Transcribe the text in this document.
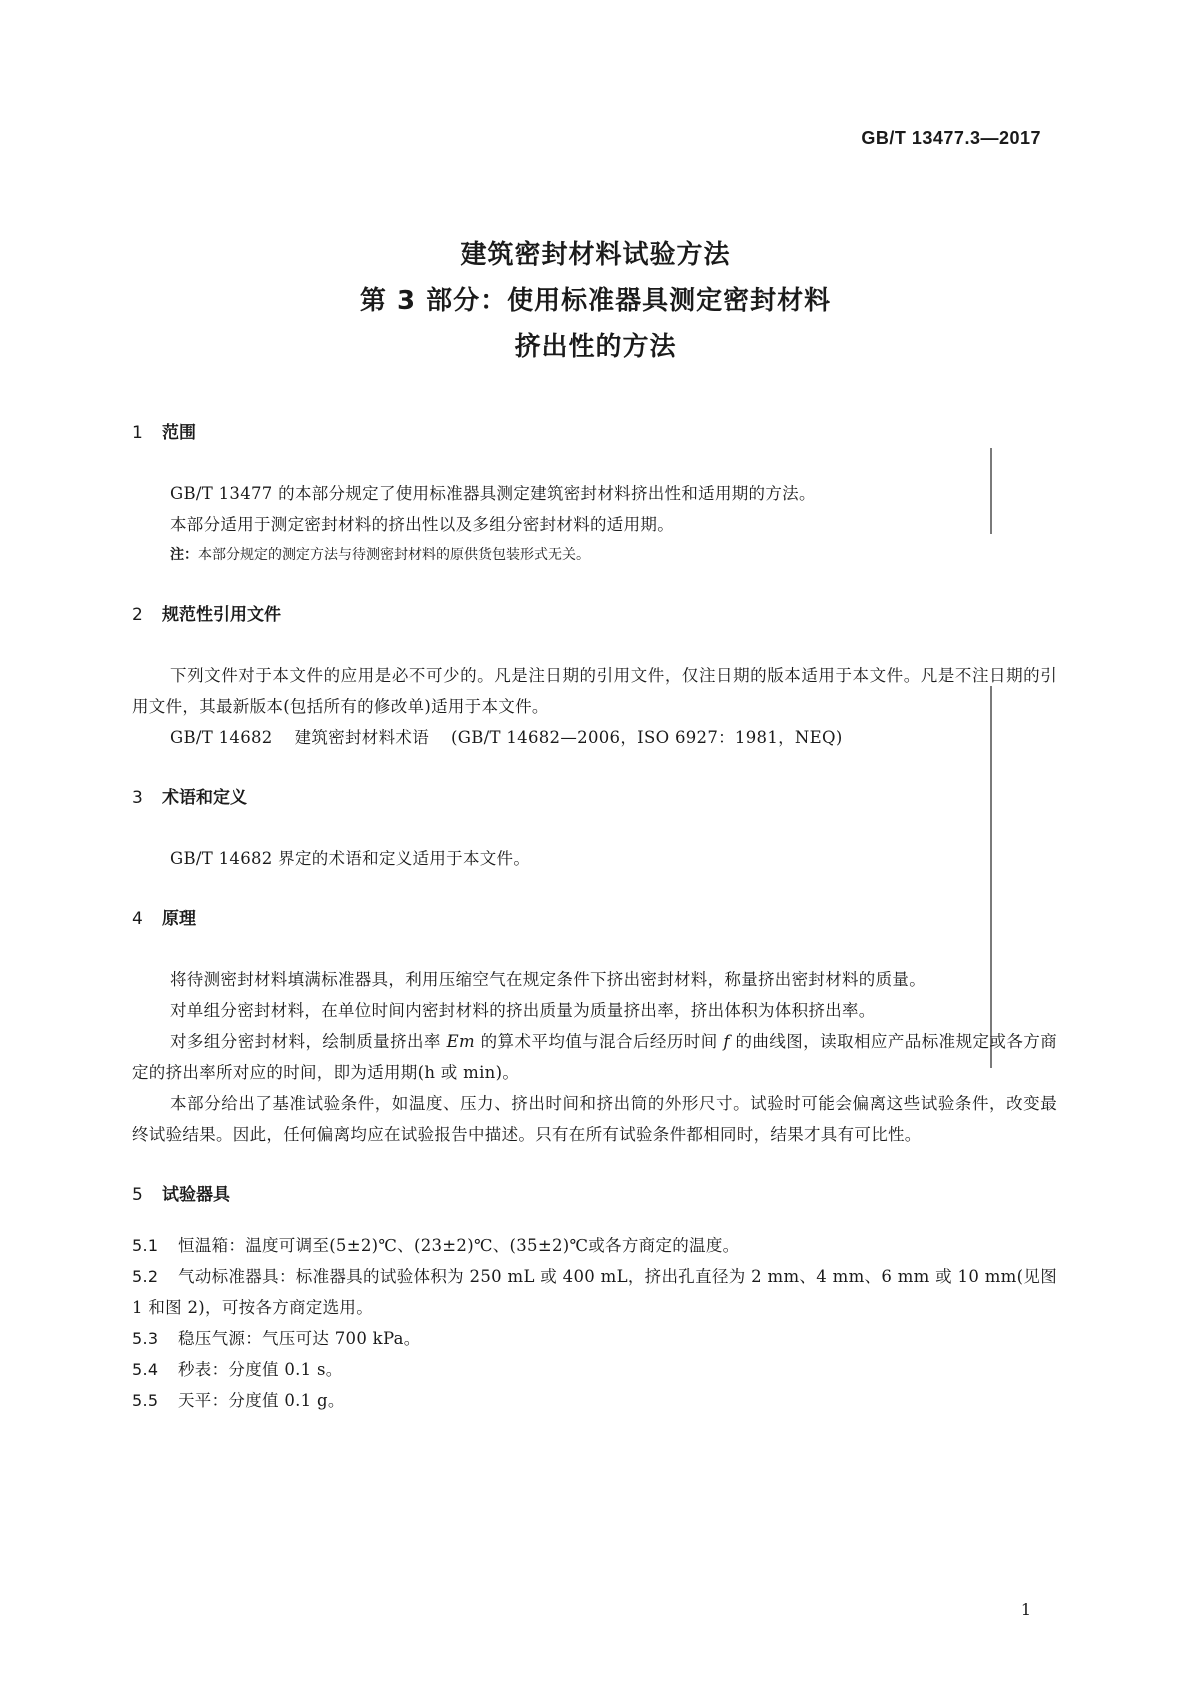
GB/T 13477.3—2017

建筑密封材料试验方法
第 3 部分：使用标准器具测定密封材料
挤出性的方法
1 范围

GB/T 13477 的本部分规定了使用标准器具测定建筑密封材料挤出性和适用期的方法。

本部分适用于测定密封材料的挤出性以及多组分密封材料的适用期。

注：本部分规定的测定方法与待测密封材料的原供货包装形式无关。

2 规范性引用文件

下列文件对于本文件的应用是必不可少的。凡是注日期的引用文件，仅注日期的版本适用于本文件。凡是不注日期的引用文件，其最新版本(包括所有的修改单)适用于本文件。

GB/T 14682 建筑密封材料术语 (GB/T 14682—2006，ISO 6927：1981，NEQ)
3 术语和定义

GB/T 14682 界定的术语和定义适用于本文件。

4 原理

将待测密封材料填满标准器具，利用压缩空气在规定条件下挤出密封材料，称量挤出密封材料的质量。

对单组分密封材料，在单位时间内密封材料的挤出质量为质量挤出率，挤出体积为体积挤出率。

对多组分密封材料，绘制质量挤出率 Em 的算术平均值与混合后经历时间 f 的曲线图，读取相应产品标准规定或各方商定的挤出率所对应的时间，即为适用期(h 或 min)。

本部分给出了基准试验条件，如温度、压力、挤出时间和挤出筒的外形尺寸。试验时可能会偏离这些试验条件，改变最终试验结果。因此，任何偏离均应在试验报告中描述。只有在所有试验条件都相同时，结果才具有可比性。

5 试验器具
5.1 恒温箱：温度可调至(5±2)℃、(23±2)℃、(35±2)℃或各方商定的温度。
5.2 气动标准器具：标准器具的试验体积为 250 mL 或 400 mL，挤出孔直径为 2 mm、4 mm、6 mm 或 10 mm(见图 1 和图 2)，可按各方商定选用。
5.3 稳压气源：气压可达 700 kPa。
5.4 秒表：分度值 0.1 s。
5.5 天平：分度值 0.1 g。

1
